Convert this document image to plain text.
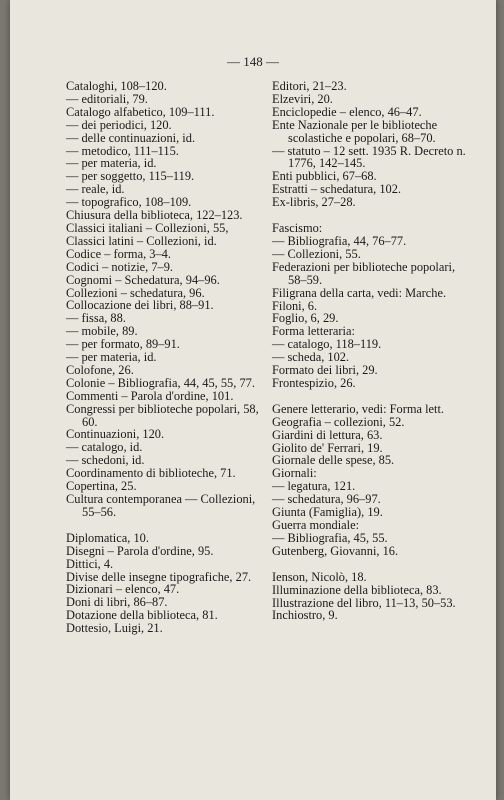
— 148 —
Cataloghi, 108–120.
— editoriali, 79.
Catalogo alfabetico, 109–111.
— dei periodici, 120.
— delle continuazioni, id.
— metodico, 111–115.
— per materia, id.
— per soggetto, 115–119.
— reale, id.
— topografico, 108–109.
Chiusura della biblioteca, 122–123.
Classici italiani – Collezioni, 55,
Classici latini – Collezioni, id.
Codice – forma, 3–4.
Codici – notizie, 7–9.
Cognomi – Schedatura, 94–96.
Collezioni – schedatura, 96.
Collocazione dei libri, 88–91.
— fissa, 88.
— mobile, 89.
— per formato, 89–91.
— per materia, id.
Colofone, 26.
Colonie – Bibliografia, 44, 45, 55, 77.
Commenti – Parola d'ordine, 101.
Congressi per biblioteche popolari, 58, 60.
Continuazioni, 120.
— catalogo, id.
— schedoni, id.
Coordinamento di biblioteche, 71.
Copertina, 25.
Cultura contemporanea — Collezioni, 55–56.
Diplomatica, 10.
Disegni – Parola d'ordine, 95.
Dittici, 4.
Divise delle insegne tipografiche, 27.
Dizionari – elenco, 47.
Doni di libri, 86–87.
Dotazione della biblioteca, 81.
Dottesio, Luigi, 21.
Editori, 21–23.
Elzeviri, 20.
Enciclopedie – elenco, 46–47.
Ente Nazionale per le biblioteche scolastiche e popolari, 68–70.
— statuto – 12 sett. 1935 R. Decreto n. 1776, 142–145.
Enti pubblici, 67–68.
Estratti – schedatura, 102.
Ex-libris, 27–28.
Fascismo:
— Bibliografia, 44, 76–77.
— Collezioni, 55.
Federazioni per biblioteche popolari, 58–59.
Filigrana della carta, vedi: Marche.
Filoni, 6.
Foglio, 6, 29.
Forma letteraria:
— catalogo, 118–119.
— scheda, 102.
Formato dei libri, 29.
Frontespizio, 26.
Genere letterario, vedi: Forma lett.
Geografia – collezioni, 52.
Giardini di lettura, 63.
Giolito de' Ferrari, 19.
Giornale delle spese, 85.
Giornali:
— legatura, 121.
— schedatura, 96–97.
Giunta (Famiglia), 19.
Guerra mondiale:
— Bibliografia, 45, 55.
Gutenberg, Giovanni, 16.
Ienson, Nicolò, 18.
Illuminazione della biblioteca, 83.
Illustrazione del libro, 11–13, 50–53.
Inchiostro, 9.
